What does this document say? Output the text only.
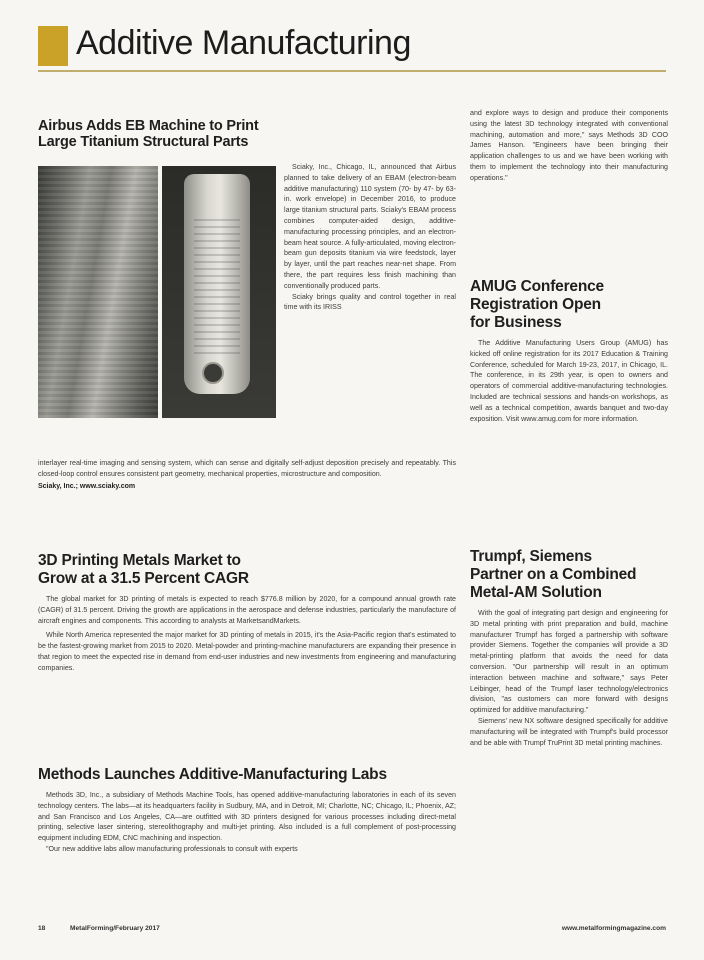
Additive Manufacturing
Airbus Adds EB Machine to Print
Large Titanium Structural Parts

Sciaky, Inc., Chicago, IL, announced that Airbus planned to take delivery of an EBAM (electron-beam additive manufacturing) 110 system (70- by 47- by 63-in. work envelope) in December 2016, to produce large titanium structural parts. Sciaky's EBAM process combines computer-aided design, additive-manufacturing processing principles, and an electron-beam heat source. A fully-articulated, moving electron-beam gun deposits titanium via wire feedstock, layer by layer, until the part reaches near-net shape. From there, the part requires less finish machining than conventionally produced parts.

Sciaky brings quality and control together in real time with its IRISS

interlayer real-time imaging and sensing system, which can sense and digitally self-adjust deposition precisely and repeatably. This closed-loop control ensures consistent part geometry, mechanical properties, microstructure and composition.

Sciaky, Inc.; www.sciaky.com

and explore ways to design and produce their components using the latest 3D technology integrated with conventional machining, automation and more," says Methods 3D COO James Hanson. "Engineers have been bringing their application challenges to us and we have been working with them to implement the technology into their manufacturing operations."

AMUG Conference
Registration Open
for Business

The Additive Manufacturing Users Group (AMUG) has kicked off online registration for its 2017 Education & Training Conference, scheduled for March 19-23, 2017, in Chicago, IL. The conference, in its 29th year, is open to owners and operators of commercial additive-manufacturing technologies. Included are technical sessions and hands-on workshops, as well as a technical competition, awards banquet and two-day exposition. Visit www.amug.com for more information.

3D Printing Metals Market to
Grow at a 31.5 Percent CAGR

The global market for 3D printing of metals is expected to reach $776.8 million by 2020, for a compound annual growth rate (CAGR) of 31.5 percent. Driving the growth are applications in the aerospace and defense industries, particularly the manufacture of aircraft engines and components. This according to analysts at MarketsandMarkets.

While North America represented the major market for 3D printing of metals in 2015, it's the Asia-Pacific region that's estimated to be the fastest-growing market from 2015 to 2020. Metal-powder and printing-machine manufacturers are expanding their presence in that region to meet the expected rise in demand from end-user industries and new investments from engineering and manufacturing companies.

Methods Launches Additive-Manufacturing Labs

Methods 3D, Inc., a subsidiary of Methods Machine Tools, has opened additive-manufacturing laboratories in each of its seven technology centers. The labs—at its headquarters facility in Sudbury, MA, and in Detroit, MI; Charlotte, NC; Chicago, IL; Phoenix, AZ; and San Francisco and Los Angeles, CA—are outfitted with 3D printers designed for various processes including direct-metal printing, selective laser sintering, stereolithography and multi-jet printing. Also included is a full complement of post-processing equipment including EDM, CNC machining and inspection.

"Our new additive labs allow manufacturing professionals to consult with experts

Trumpf, Siemens
Partner on a Combined
Metal-AM Solution

With the goal of integrating part design and engineering for 3D metal printing with print preparation and build, machine manufacturer Trumpf has forged a partnership with software provider Siemens. Together the companies will provide a 3D metal-printing platform that avoids the need for data conversion. "Our partnership will result in an optimum interaction between machine and software," says Peter Leibinger, head of the Trumpf laser technology/electronics division, "as customers can more forward with designs optimized for additive manufacturing."

Siemens' new NX software designed specifically for additive manufacturing will be integrated with Trumpf's build processor and be able with Trumpf TruPrint 3D metal printing machines.

18	MetalForming/February 2017	www.metalformingmagazine.com
